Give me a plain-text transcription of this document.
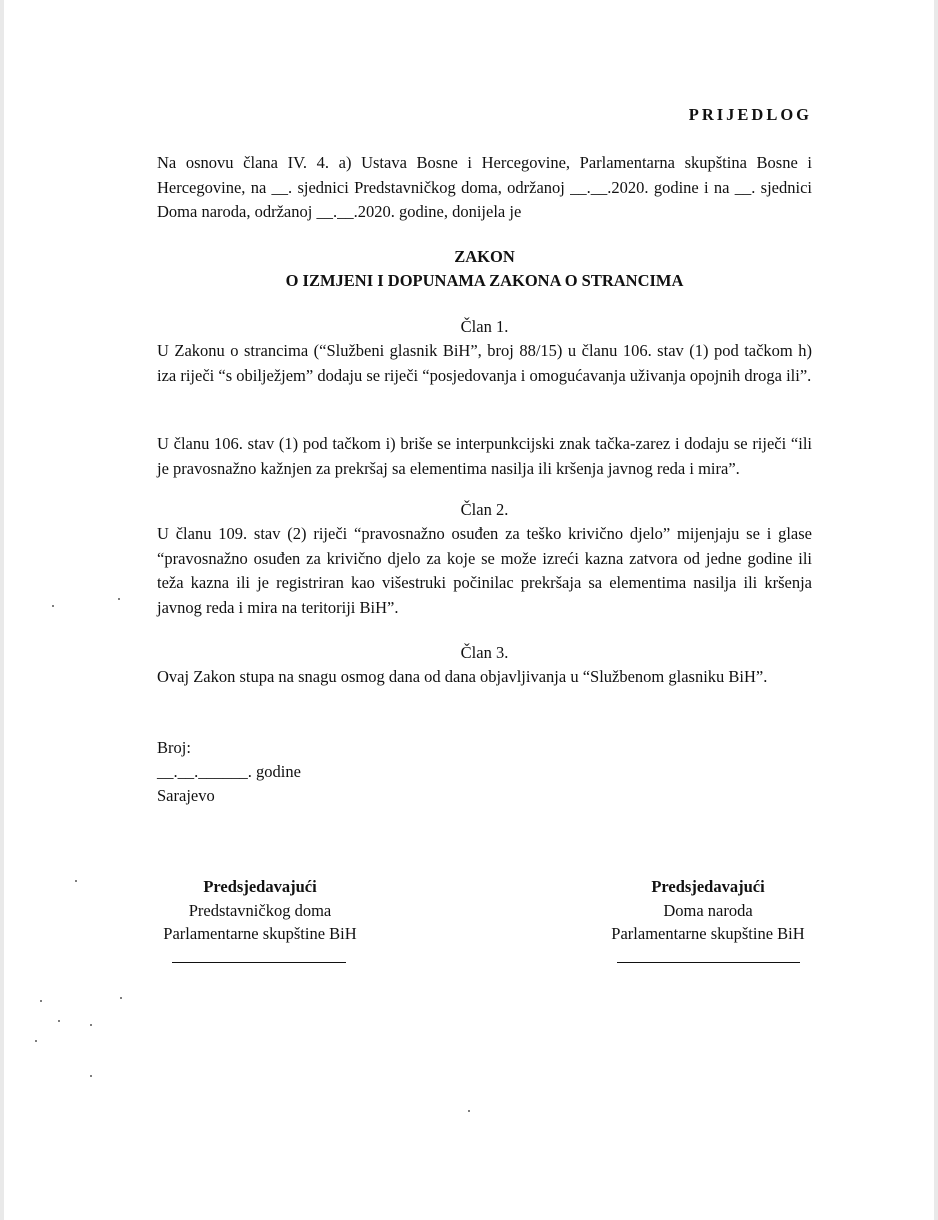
PRIJEDLOG
Na osnovu člana IV. 4. a) Ustava Bosne i Hercegovine, Parlamentarna skupština Bosne i Hercegovine, na __. sjednici Predstavničkog doma, održanoj __.__.2020. godine i na __. sjednici Doma naroda, održanoj __.__.2020. godine, donijela je
ZAKON
O IZMJENI I DOPUNAMA ZAKONA O STRANCIMA
Član 1.
U Zakonu o strancima (“Službeni glasnik BiH”, broj 88/15) u članu 106. stav (1) pod tačkom h) iza riječi “s obilježjem” dodaju se riječi “posjedovanja i omogućavanja uživanja opojnih droga ili”.
U članu 106. stav (1) pod tačkom i) briše se interpunkcijski znak tačka-zarez i dodaju se riječi “ili je pravosnažno kažnjen za prekršaj sa elementima nasilja ili kršenja javnog reda i mira”.
Član 2.
U članu 109. stav (2) riječi “pravosnažno osuđen za teško krivično djelo” mijenjaju se i glase “pravosnažno osuđen za krivično djelo za koje se može izreći kazna zatvora od jedne godine ili teža kazna ili je registriran kao višestruki počinilac prekršaja sa elementima nasilja ili kršenja javnog reda i mira na teritoriji BiH”.
Član 3.
Ovaj Zakon stupa na snagu osmog dana od dana objavljivanja u “Službenom glasniku BiH”.
Broj:
__.__.______. godine
Sarajevo
Predsjedavajući
Predstavničkog doma
Parlamentarne skupštine BiH
Predsjedavajući
Doma naroda
Parlamentarne skupštine BiH
